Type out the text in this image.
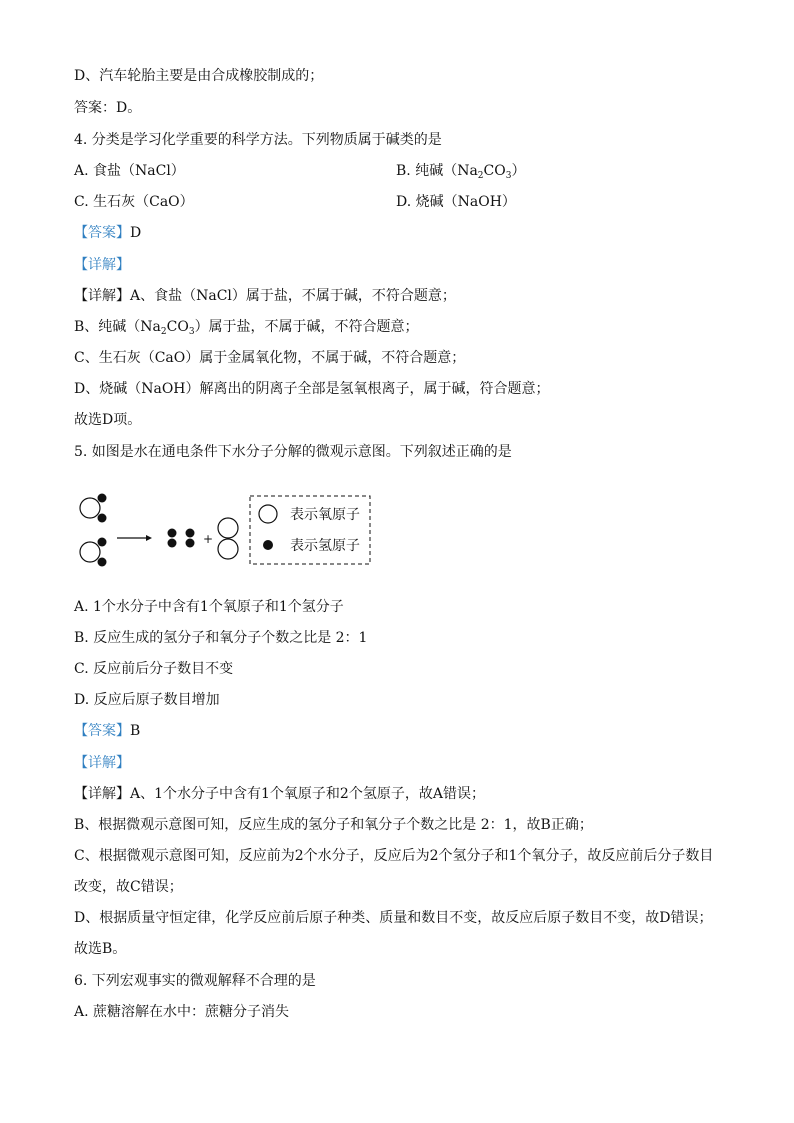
D、汽车轮胎主要是由合成橡胶制成的；
答案：D。
4. 分类是学习化学重要的科学方法。下列物质属于碱类的是
A. 食盐（NaCl）	B. 纯碱$(Na_2CO_3)$
C. 生石灰（CaO）	D. 烧碱（NaOH）
【答案】D
【详解】
【详解】A、食盐（NaCl）属于盐，不属于碱，不符合题意；
B、纯碱$(Na_2CO_3)$属于盐，不属于碱，不符合题意；
C、生石灰（CaO）属于金属氧化物，不属于碱，不符合题意；
D、烧碱（NaOH）解离出的阴离子全部是氢氧根离子，属于碱，符合题意；
故选D项。
5. 如图是水在通电条件下水分子分解的微观示意图。下列叙述正确的是
+
表示氧原子
表示氢原子
A. 1个水分子中含有1个氧原子和1个氢分子
B. 反应生成的氢分子和氧分子个数之比是 2：1
C. 反应前后分子数目不变
D. 反应后原子数目增加
【答案】B
【详解】
【详解】A、1个水分子中含有1个氧原子和2个氢原子，故A错误；
B、根据微观示意图可知，反应生成的氢分子和氧分子个数之比是 2：1，故B正确；
C、根据微观示意图可知，反应前为2个水分子，反应后为2个氢分子和1个氧分子，故反应前后分子数目
改变，故C错误；
D、根据质量守恒定律，化学反应前后原子种类、质量和数目不变，故反应后原子数目不变，故D错误；
故选B。
6. 下列宏观事实的微观解释不合理的是
A. 蔗糖溶解在水中：蔗糖分子消失
